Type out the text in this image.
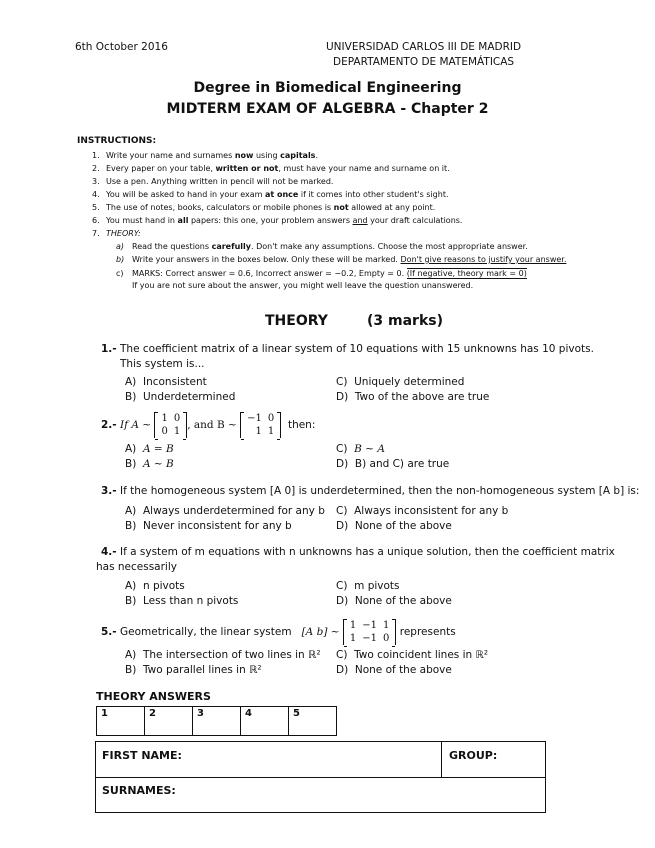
6th October 2016	UNIVERSIDAD CARLOS III DE MADRID
DEPARTAMENTO DE MATEMÁTICAS
Degree in Biomedical Engineering
MIDTERM EXAM OF ALGEBRA - Chapter 2
INSTRUCTIONS:
1. Write your name and surnames now using capitals.
2. Every paper on your table, written or not, must have your name and surname on it.
3. Use a pen. Anything written in pencil will not be marked.
4. You will be asked to hand in your exam at once if it comes into other student's sight.
5. The use of notes, books, calculators or mobile phones is not allowed at any point.
6. You must hand in all papers: this one, your problem answers and your draft calculations.
7. THEORY:
a) Read the questions carefully. Don't make any assumptions. Choose the most appropriate answer.
b) Write your answers in the boxes below. Only these will be marked. Don't give reasons to justify your answer.
c) MARKS: Correct answer = 0.6, Incorrect answer = −0.2, Empty = 0. (If negative, theory mark = 0)
If you are not sure about the answer, you might well leave the question unanswered.
THEORY	(3 marks)
1.- The coefficient matrix of a linear system of 10 equations with 15 unknowns has 10 pivots.
This system is...
A) Inconsistent	C) Uniquely determined
B) Underdetermined	D) Two of the above are true
2.- If A ∼
1	0
0	1
, and B ∼
−1	0
1	1
then:
A) A = B	C) B ∼ A
B) A ∼ B	D) B) and C) are true
3.- If the homogeneous system [A 0] is underdetermined, then the non-homogeneous system [A b] is:
A) Always underdetermined for any b C) Always inconsistent for any b
B) Never inconsistent for any b	D) None of the above
4.- If a system of m equations with n unknowns has a unique solution, then the coefficient matrix
has necessarily
A) n pivots	C) m pivots
B) Less than n pivots	D) None of the above
5.- Geometrically, the linear system [A b] ∼
1	−1	1
1	−1	0
represents
A) The intersection of two lines in ℝ² C) Two coincident lines in ℝ²
B) Two parallel lines in ℝ²	D) None of the above
THEORY ANSWERS
1	2	3	4	5
FIRST NAME:	GROUP:
SURNAMES:
